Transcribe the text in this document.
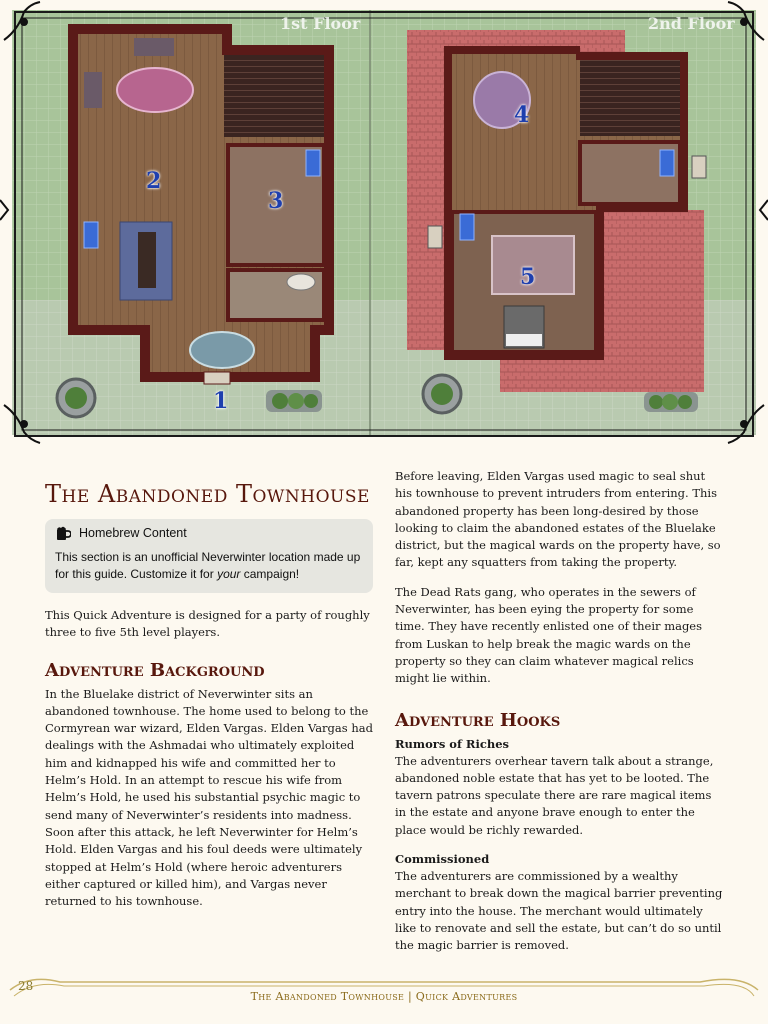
1st Floor	2nd Floor
1
2
3
4
5
The Abandoned Townhouse
Homebrew Content
This section is an unofficial Neverwinter location made up for this guide. Customize it for your campaign!

This Quick Adventure is designed for a party of roughly three to five 5th level players.

Adventure Background

In the Bluelake district of Neverwinter sits an abandoned townhouse. The home used to belong to the Cormyrean war wizard, Elden Vargas. Elden Vargas had dealings with the Ashmadai who ultimately exploited him and kidnapped his wife and committed her to Helm’s Hold. In an attempt to rescue his wife from Helm’s Hold, he used his substantial psychic magic to send many of Neverwinter’s residents into madness. Soon after this attack, he left Neverwinter for Helm’s Hold. Elden Vargas and his foul deeds were ultimately stopped at Helm’s Hold (where heroic adventurers either captured or killed him), and Vargas never returned to his townhouse.

Before leaving, Elden Vargas used magic to seal shut his townhouse to prevent intruders from entering. This abandoned property has been long-desired by those looking to claim the abandoned estates of the Bluelake district, but the magical wards on the property have, so far, kept any squatters from taking the property.

The Dead Rats gang, who operates in the sewers of Neverwinter, has been eying the property for some time. They have recently enlisted one of their mages from Luskan to help break the magic wards on the property so they can claim whatever magical relics might lie within.

Adventure Hooks

Rumors of Riches

The adventurers overhear tavern talk about a strange, abandoned noble estate that has yet to be looted. The tavern patrons speculate there are rare magical items in the estate and anyone brave enough to enter the place would be richly rewarded.

Commissioned

The adventurers are commissioned by a wealthy merchant to break down the magical barrier preventing entry into the house. The merchant would ultimately like to renovate and sell the estate, but can’t do so until the magic barrier is removed.

28
The Abandoned Townhouse | Quick Adventures
